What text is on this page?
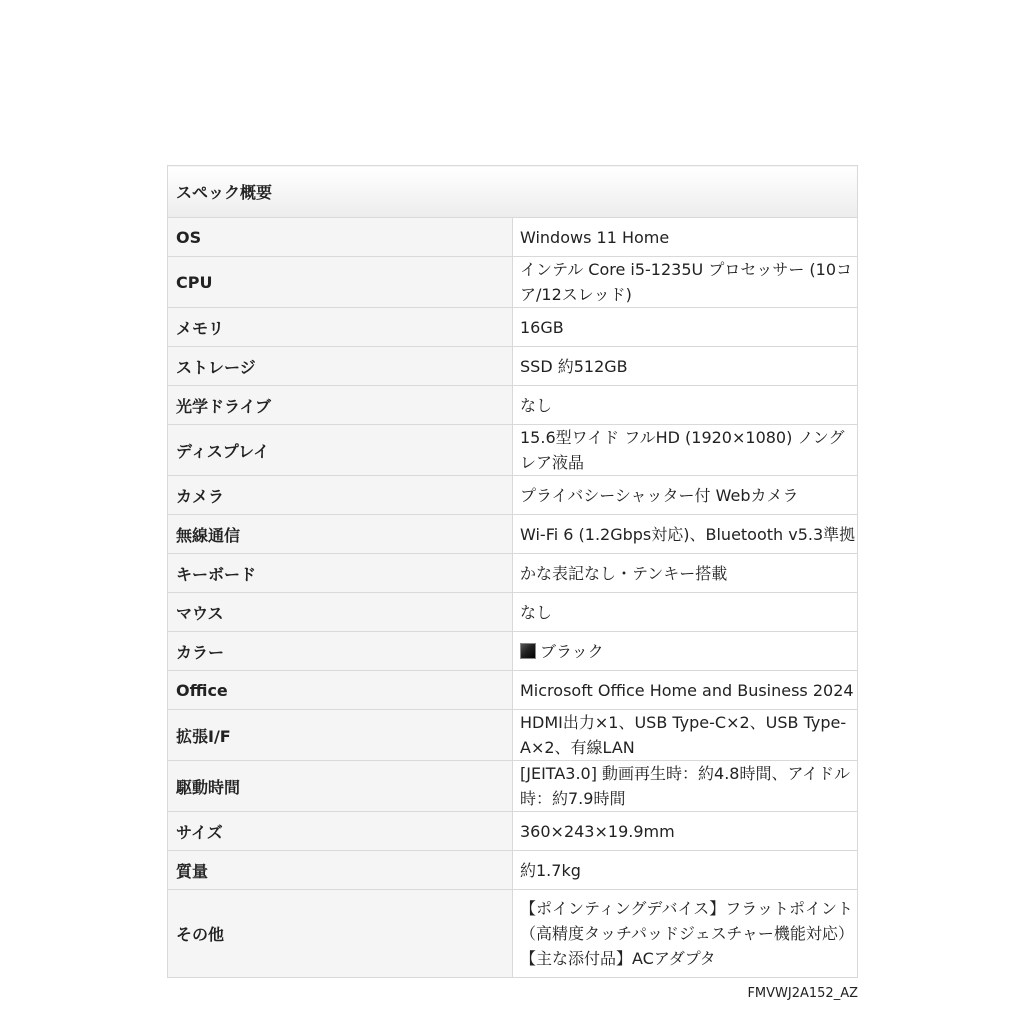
スペック概要	
OS	Windows 11 Home
CPU	インテル Core i5-1235U プロセッサー (10コア/12スレッド)
メモリ	16GB
ストレージ	SSD 約512GB
光学ドライブ	なし
ディスプレイ	15.6型ワイド フルHD (1920×1080) ノングレア液晶
カメラ	プライバシーシャッター付 Webカメラ
無線通信	Wi-Fi 6 (1.2Gbps対応)、Bluetooth v5.3準拠
キーボード	かな表記なし・テンキー搭載
マウス	なし
カラー	ブラック
Office	Microsoft Office Home and Business 2024
拡張I/F	HDMI出力×1、USB Type-C×2、USB Type-A×2、有線LAN
駆動時間	[JEITA3.0] 動画再生時：約4.8時間、アイドル時：約7.9時間
サイズ	360×243×19.9mm
質量	約1.7kg
その他	【ポインティングデバイス】フラットポイント（高精度タッチパッドジェスチャー機能対応） 【主な添付品】ACアダプタ
FMVWJ2A152_AZ
